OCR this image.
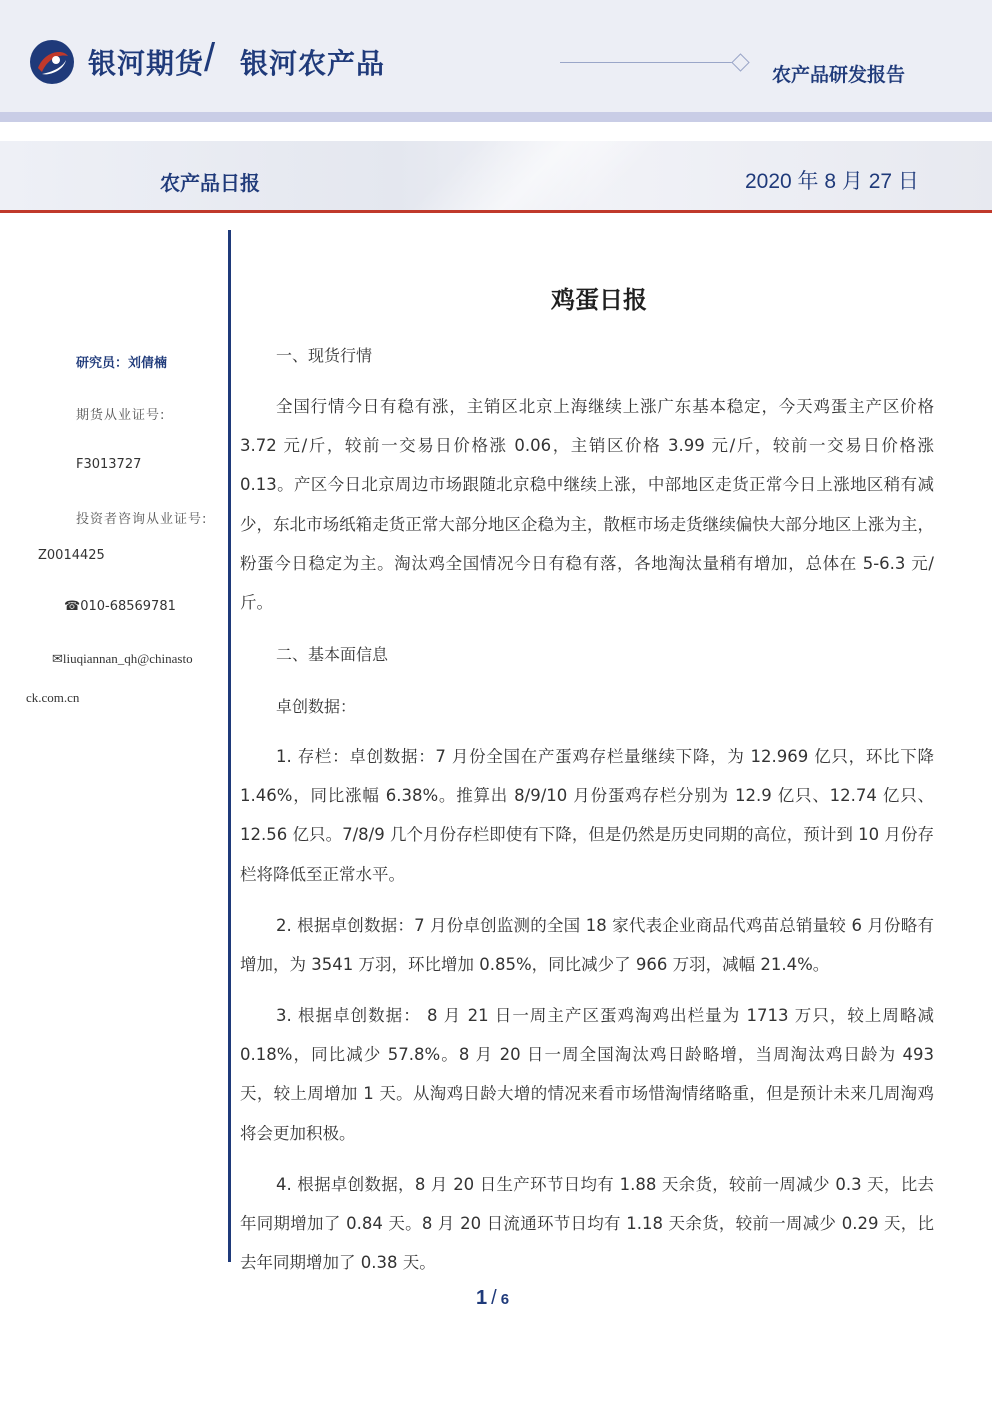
银河期货 / 银河农产品	农产品研发报告
农产品日报	2020 年 8 月 27 日
研究员：刘倩楠
期货从业证号:
F3013727
投资者咨询从业证号:
Z0014425
☎010-68569781
✉liuqiannan_qh@chinasto
ck.com.cn
鸡蛋日报
一、现货行情

全国行情今日有稳有涨，主销区北京上海继续上涨广东基本稳定，今天鸡蛋主产区价格 3.72 元/斤，较前一交易日价格涨 0.06，主销区价格 3.99 元/斤，较前一交易日价格涨 0.13。产区今日北京周边市场跟随北京稳中继续上涨，中部地区走货正常今日上涨地区稍有减少，东北市场纸箱走货正常大部分地区企稳为主，散框市场走货继续偏快大部分地区上涨为主，粉蛋今日稳定为主。淘汰鸡全国情况今日有稳有落，各地淘汰量稍有增加，总体在 5-6.3 元/斤。

二、基本面信息
卓创数据：

1. 存栏：卓创数据：7 月份全国在产蛋鸡存栏量继续下降，为 12.969 亿只，环比下降 1.46%，同比涨幅 6.38%。推算出 8/9/10 月份蛋鸡存栏分别为 12.9 亿只、12.74 亿只、12.56 亿只。7/8/9 几个月份存栏即使有下降，但是仍然是历史同期的高位，预计到 10 月份存栏将降低至正常水平。

2. 根据卓创数据：7 月份卓创监测的全国 18 家代表企业商品代鸡苗总销量较 6 月份略有增加，为 3541 万羽，环比增加 0.85%，同比减少了 966 万羽，减幅 21.4%。

3. 根据卓创数据： 8 月 21 日一周主产区蛋鸡淘鸡出栏量为 1713 万只，较上周略减 0.18%，同比减少 57.8%。8 月 20 日一周全国淘汰鸡日龄略增，当周淘汰鸡日龄为 493 天，较上周增加 1 天。从淘鸡日龄大增的情况来看市场惜淘情绪略重，但是预计未来几周淘鸡将会更加积极。

4. 根据卓创数据，8 月 20 日生产环节日均有 1.88 天余货，较前一周减少 0.3 天，比去年同期增加了 0.84 天。8 月 20 日流通环节日均有 1.18 天余货，较前一周减少 0.29 天，比去年同期增加了 0.38 天。

1 / 6
